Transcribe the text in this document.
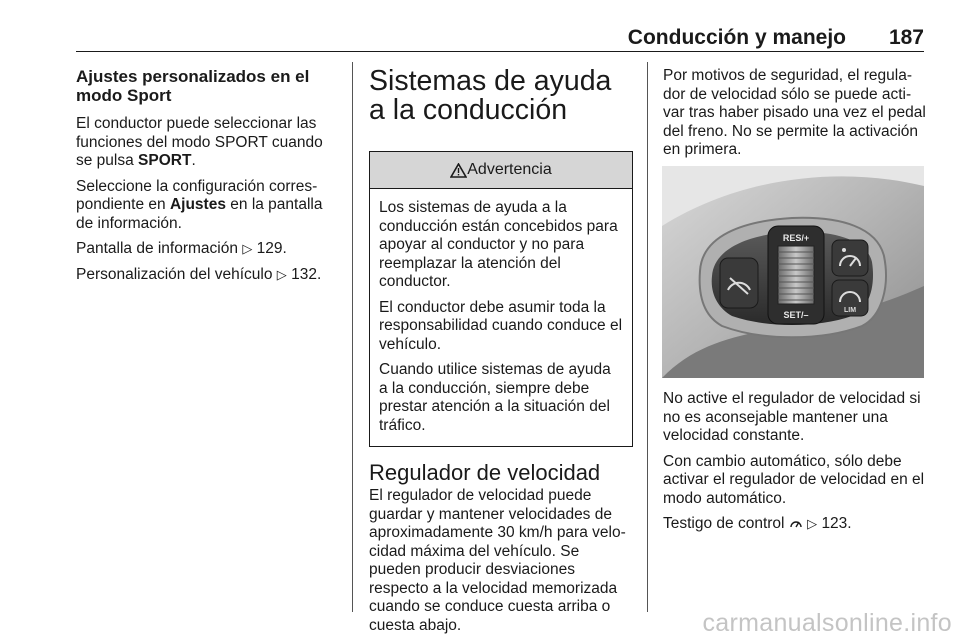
Conducción y manejo 187
Ajustes personalizados en el modo Sport

El conductor puede seleccionar las funciones del modo SPORT cuando se pulsa SPORT.

Seleccione la configuración corres- pondiente en Ajustes en la pantalla de información.

Pantalla de información ▷ 129.

Personalización del vehículo ▷ 132.

Sistemas de ayuda a la conducción
Advertencia

Los sistemas de ayuda a la conducción están concebidos para apoyar al conductor y no para reemplazar la atención del conductor.

El conductor debe asumir toda la responsabilidad cuando conduce el vehículo.

Cuando utilice sistemas de ayuda a la conducción, siempre debe prestar atención a la situación del tráfico.

Regulador de velocidad

El regulador de velocidad puede guardar y mantener velocidades de aproximadamente 30 km/h para velo- cidad máxima del vehículo. Se pueden producir desviaciones respecto a la velocidad memorizada cuando se conduce cuesta arriba o cuesta abajo.

Por motivos de seguridad, el regula- dor de velocidad sólo se puede acti- var tras haber pisado una vez el pedal del freno. No se permite la activación en primera.

RES/+
SET/–	LIM

No active el regulador de velocidad si no es aconsejable mantener una velocidad constante.

Con cambio automático, sólo debe activar el regulador de velocidad en el modo automático.

Testigo de control ▷ 123.

carmanualsonline.info
